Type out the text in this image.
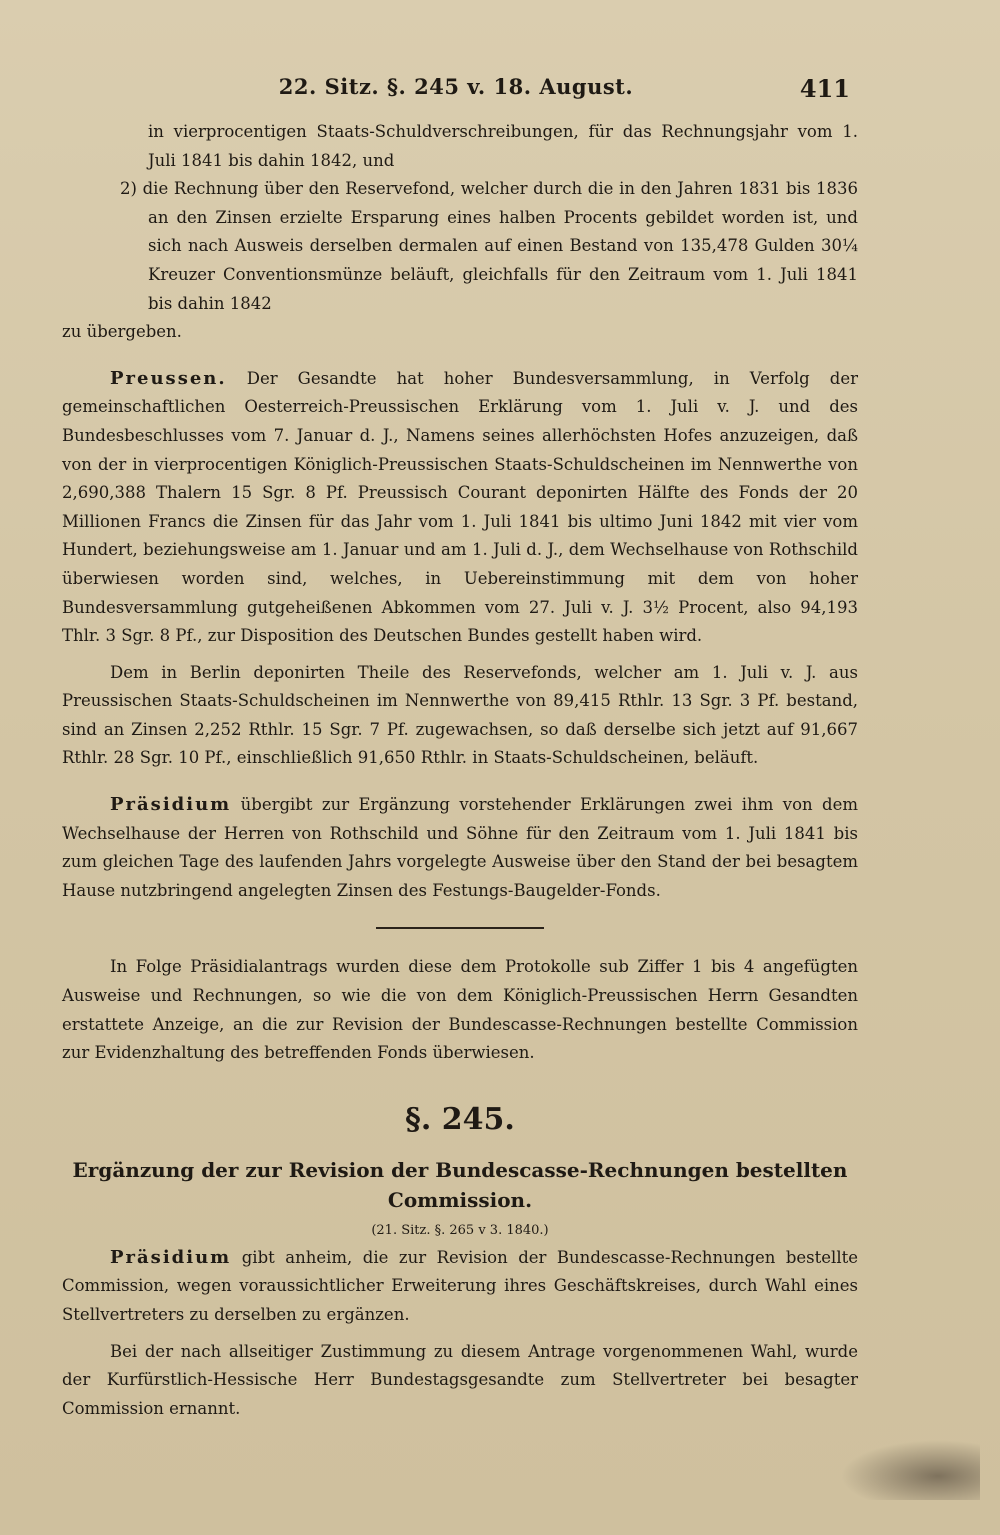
22. Sitz. §. 245 v. 18. August.	411

in vierprocentigen Staats-Schuldverschreibungen, für das Rechnungsjahr vom 1. Juli 1841 bis dahin 1842, und

2) die Rechnung über den Reservefond, welcher durch die in den Jahren 1831 bis 1836 an den Zinsen erzielte Ersparung eines halben Procents gebildet worden ist, und sich nach Ausweis derselben dermalen auf einen Bestand von 135,478 Gulden 30¼ Kreuzer Conventionsmünze beläuft, gleichfalls für den Zeitraum vom 1. Juli 1841 bis dahin 1842

zu übergeben.

Preussen. Der Gesandte hat hoher Bundesversammlung, in Verfolg der gemeinschaftlichen Oesterreich-Preussischen Erklärung vom 1. Juli v. J. und des Bundesbeschlusses vom 7. Januar d. J., Namens seines allerhöchsten Hofes anzuzeigen, daß von der in vierprocentigen Königlich-Preussischen Staats-Schuldscheinen im Nennwerthe von 2,690,388 Thalern 15 Sgr. 8 Pf. Preussisch Courant deponirten Hälfte des Fonds der 20 Millionen Francs die Zinsen für das Jahr vom 1. Juli 1841 bis ultimo Juni 1842 mit vier vom Hundert, beziehungsweise am 1. Januar und am 1. Juli d. J., dem Wechselhause von Rothschild überwiesen worden sind, welches, in Uebereinstimmung mit dem von hoher Bundesversammlung gutgeheißenen Abkommen vom 27. Juli v. J. 3½ Procent, also 94,193 Thlr. 3 Sgr. 8 Pf., zur Disposition des Deutschen Bundes gestellt haben wird.

Dem in Berlin deponirten Theile des Reservefonds, welcher am 1. Juli v. J. aus Preussischen Staats-Schuldscheinen im Nennwerthe von 89,415 Rthlr. 13 Sgr. 3 Pf. bestand, sind an Zinsen 2,252 Rthlr. 15 Sgr. 7 Pf. zugewachsen, so daß derselbe sich jetzt auf 91,667 Rthlr. 28 Sgr. 10 Pf., einschließlich 91,650 Rthlr. in Staats-Schuldscheinen, beläuft.

Präsidium übergibt zur Ergänzung vorstehender Erklärungen zwei ihm von dem Wechselhause der Herren von Rothschild und Söhne für den Zeitraum vom 1. Juli 1841 bis zum gleichen Tage des laufenden Jahrs vorgelegte Ausweise über den Stand der bei besagtem Hause nutzbringend angelegten Zinsen des Festungs-Baugelder-Fonds.

In Folge Präsidialantrags wurden diese dem Protokolle sub Ziffer 1 bis 4 angefügten Ausweise und Rechnungen, so wie die von dem Königlich-Preussischen Herrn Gesandten erstattete Anzeige, an die zur Revision der Bundescasse-Rechnungen bestellte Commission zur Evidenzhaltung des betreffenden Fonds überwiesen.

§. 245.
Ergänzung der zur Revision der Bundescasse-Rechnungen bestellten Commission.
(21. Sitz. §. 265 v 3. 1840.)

Präsidium gibt anheim, die zur Revision der Bundescasse-Rechnungen bestellte Commission, wegen voraussichtlicher Erweiterung ihres Geschäftskreises, durch Wahl eines Stellvertreters zu derselben zu ergänzen.

Bei der nach allseitiger Zustimmung zu diesem Antrage vorgenommenen Wahl, wurde der Kurfürstlich-Hessische Herr Bundestagsgesandte zum Stellvertreter bei besagter Commission ernannt.
